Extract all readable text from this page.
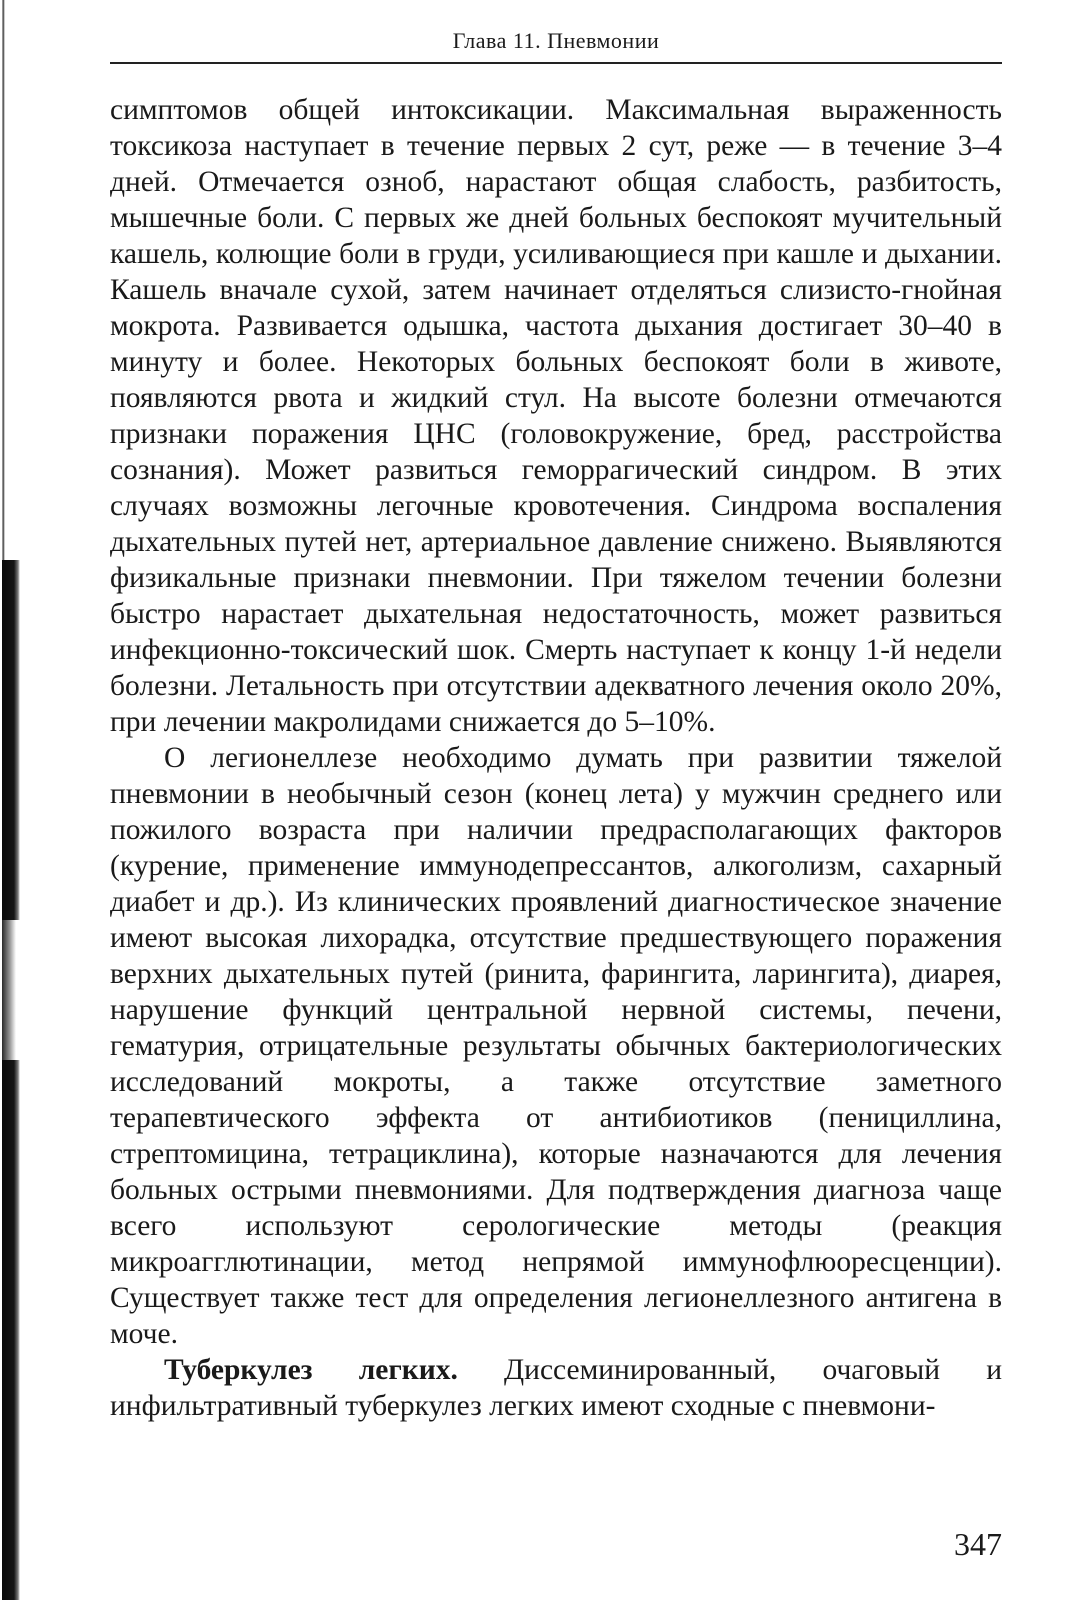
Глава 11. Пневмонии

симптомов общей интоксикации. Максимальная выраженность токсикоза наступает в течение первых 2 сут, реже — в течение 3–4 дней. Отмечается озноб, нарастают общая слабость, разбитость, мышечные боли. С первых же дней больных беспокоят мучительный кашель, колющие боли в груди, усиливающиеся при кашле и дыхании. Кашель вначале сухой, затем начинает отделяться слизисто-гнойная мокрота. Развивается одышка, частота дыхания достигает 30–40 в минуту и более. Некоторых больных беспокоят боли в животе, появляются рвота и жидкий стул. На высоте болезни отмечаются признаки поражения ЦНС (головокружение, бред, расстройства сознания). Может развиться геморрагический синдром. В этих случаях возможны легочные кровотечения. Синдрома воспаления дыхательных путей нет, артериальное давление снижено. Выявляются физикальные признаки пневмонии. При тяжелом течении болезни быстро нарастает дыхательная недостаточность, может развиться инфекционно-токсический шок. Смерть наступает к концу 1-й недели болезни. Летальность при отсутствии адекватного лечения около 20%, при лечении макролидами снижается до 5–10%.

О легионеллезе необходимо думать при развитии тяжелой пневмонии в необычный сезон (конец лета) у мужчин среднего или пожилого возраста при наличии предрасполагающих факторов (курение, применение иммунодепрессантов, алкоголизм, сахарный диабет и др.). Из клинических проявлений диагностическое значение имеют высокая лихорадка, отсутствие предшествующего поражения верхних дыхательных путей (ринита, фарингита, ларингита), диарея, нарушение функций центральной нервной системы, печени, гематурия, отрицательные результаты обычных бактериологических исследований мокроты, а также отсутствие заметного терапевтического эффекта от антибиотиков (пенициллина, стрептомицина, тетрациклина), которые назначаются для лечения больных острыми пневмониями. Для подтверждения диагноза чаще всего используют серологические методы (реакция микроагглютинации, метод непрямой иммунофлюоресценции). Существует также тест для определения легионеллезного антигена в моче.

Туберкулез легких. Диссеминированный, очаговый и инфильтративный туберкулез легких имеют сходные с пневмони-

347
